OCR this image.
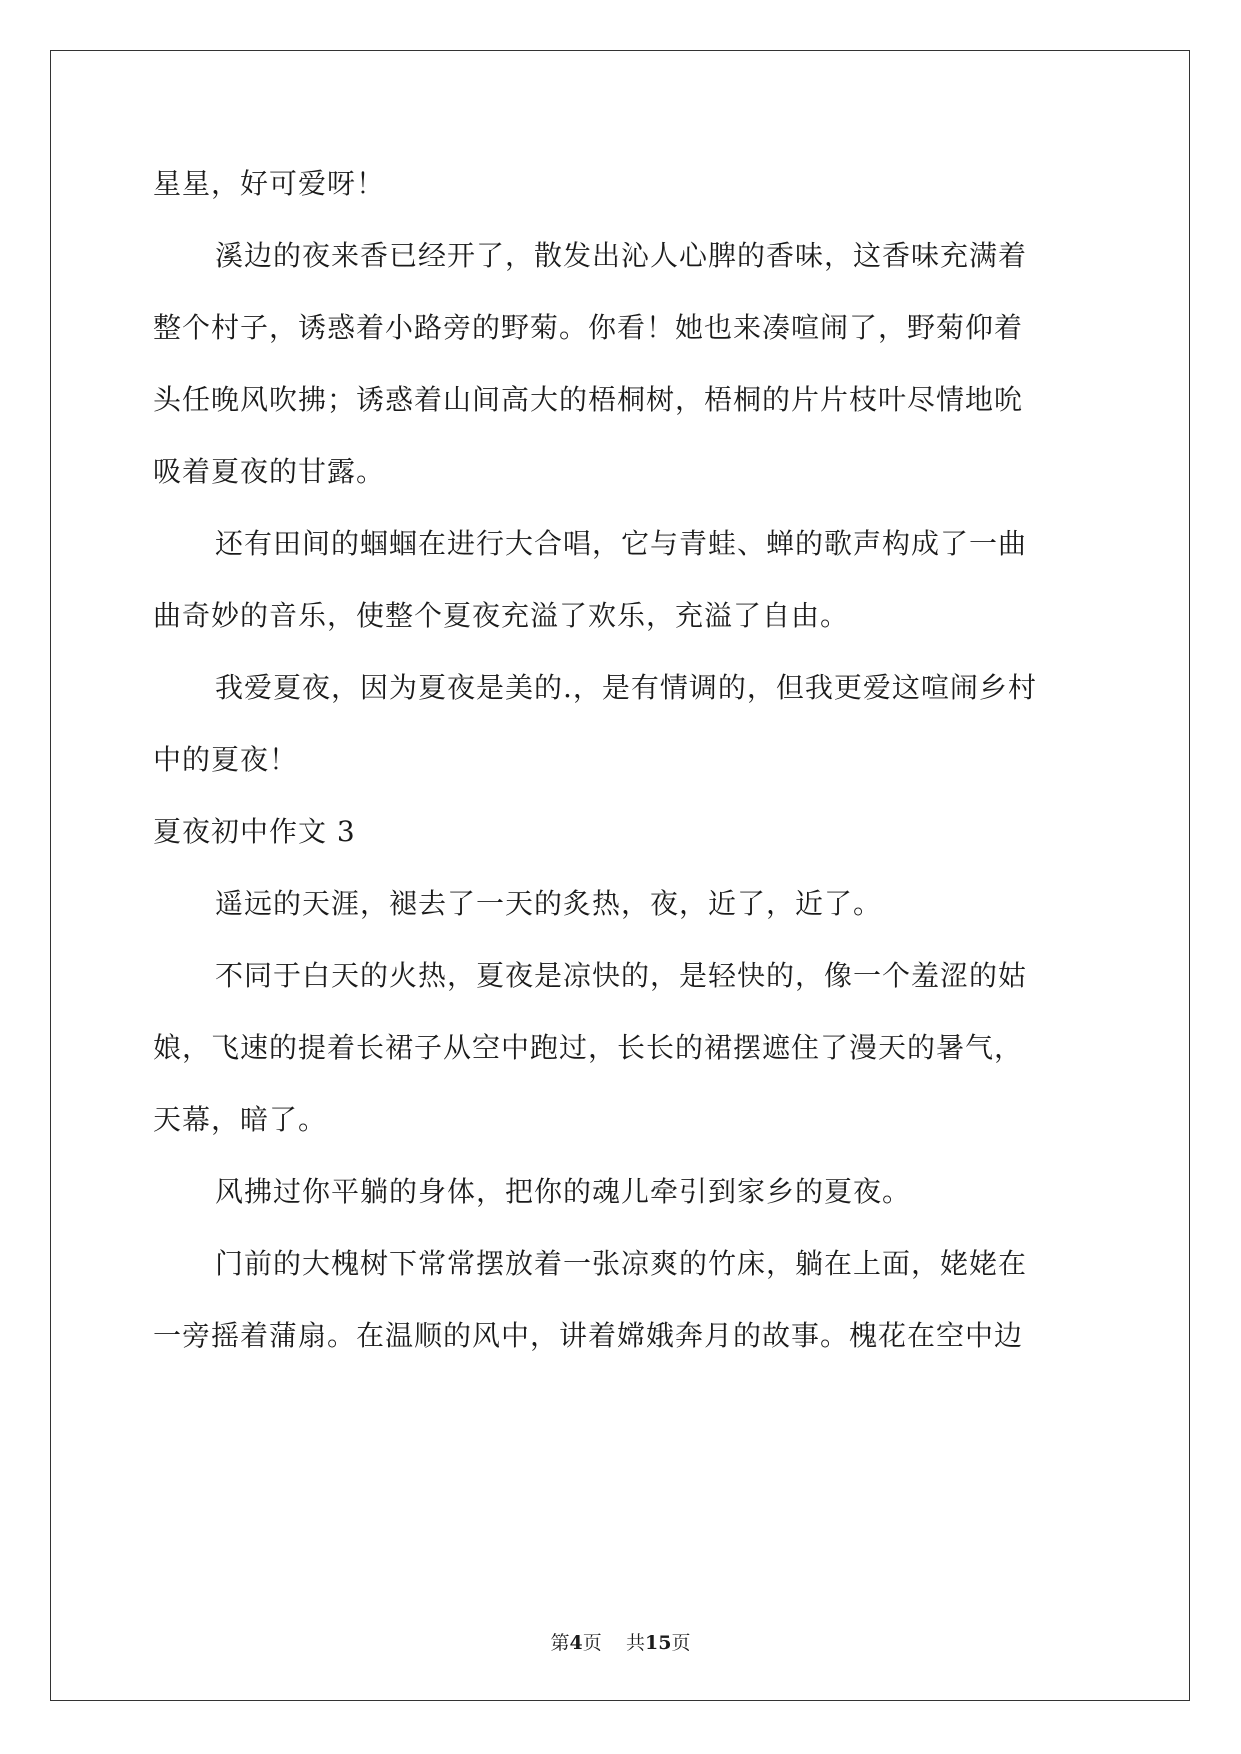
星星，好可爱呀！
溪边的夜来香已经开了，散发出沁人心脾的香味，这香味充满着
整个村子，诱惑着小路旁的野菊。你看！她也来凑喧闹了，野菊仰着
头任晚风吹拂；诱惑着山间高大的梧桐树，梧桐的片片枝叶尽情地吮
吸着夏夜的甘露。
还有田间的蝈蝈在进行大合唱，它与青蛙、蝉的歌声构成了一曲
曲奇妙的音乐，使整个夏夜充溢了欢乐，充溢了自由。
我爱夏夜，因为夏夜是美的.，是有情调的，但我更爱这喧闹乡村
中的夏夜！
夏夜初中作文 3
遥远的天涯，褪去了一天的炙热，夜，近了，近了。
不同于白天的火热，夏夜是凉快的，是轻快的，像一个羞涩的姑
娘，飞速的提着长裙子从空中跑过，长长的裙摆遮住了漫天的暑气，
天幕，暗了。
风拂过你平躺的身体，把你的魂儿牵引到家乡的夏夜。
门前的大槐树下常常摆放着一张凉爽的竹床，躺在上面，姥姥在
一旁摇着蒲扇。在温顺的风中，讲着嫦娥奔月的故事。槐花在空中边
第4页 共15页
